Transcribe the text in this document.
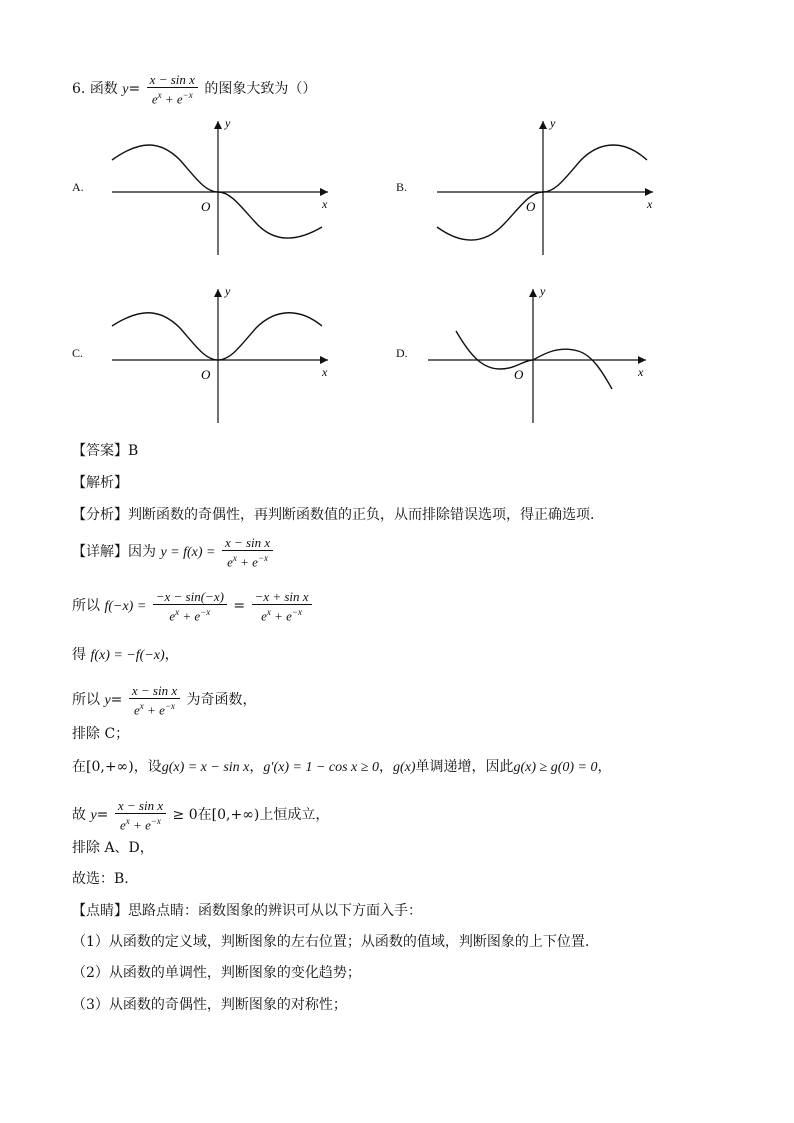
6. 函数 $y= \frac{\text{x − sin x}}{e^x + e^{-x}}$ 的图象大致为（）
A.
y
x
O
B.
y
x
O
C.
y
x
O
D.
y
x
O
【答案】B
【解析】
【分析】判断函数的奇偶性，再判断函数值的正负，从而排除错误选项，得正确选项.
【详解】因为 $y = f(x) = \frac{\text{x − sin x}}{e^x + e^{-x}}$
所以 $f(-x) = \frac{-x - \sin(-x)}{e^x + e^{-x}} = \frac{\text{−x + sin x}}{e^x + e^{-x}}$
得 f(x) = −f(−x)，
所以 $y= \frac{\text{x − sin x}}{e^x + e^{-x}}$ 为奇函数，
排除 C；
在[0,+∞)，设g(x) = x − sin x，g′(x) = 1 − cos x ≥ 0，g(x)单调递增，因此g(x) ≥ g(0) = 0，
故 $y= \frac{\text{x − sin x}}{e^x + e^{-x}} \ge 0$在[0,+∞)上恒成立，
排除 A、D，
故选：B.
【点睛】思路点睛：函数图象的辨识可从以下方面入手：
（1）从函数的定义域，判断图象的左右位置；从函数的值域，判断图象的上下位置.
（2）从函数的单调性，判断图象的变化趋势；
（3）从函数的奇偶性，判断图象的对称性；
